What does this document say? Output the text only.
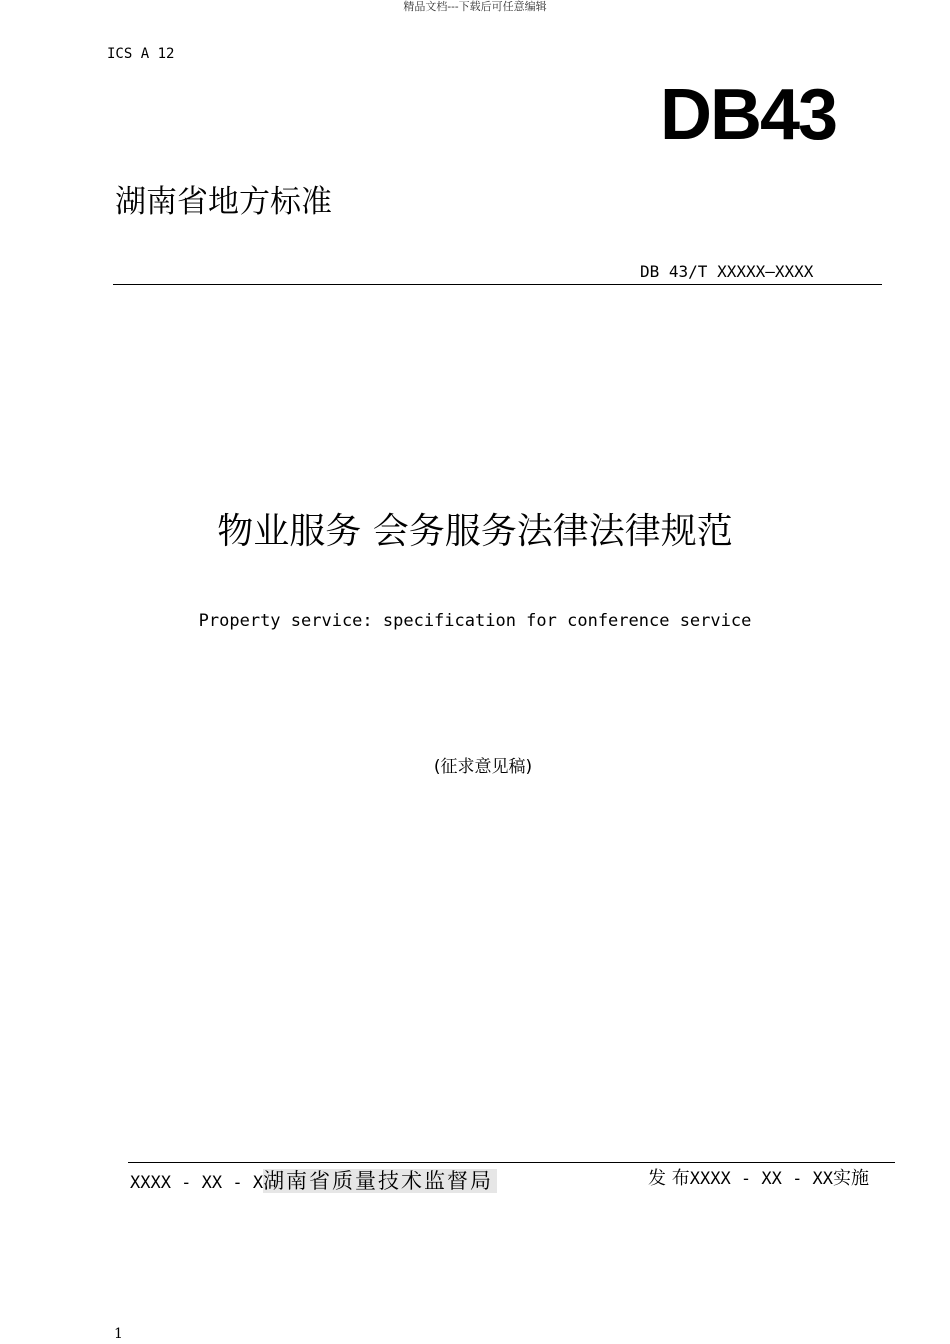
精品文档---下载后可任意编辑
ICS A 12
DB43
湖南省地方标准
DB 43/T XXXXX—XXXX
物业服务 会务服务法律法律规范
Property service: specification for conference service
(征求意见稿)
XXXX - XX - X湖南省质量技术监督局	发 布XXXX - XX - XX实施
1
